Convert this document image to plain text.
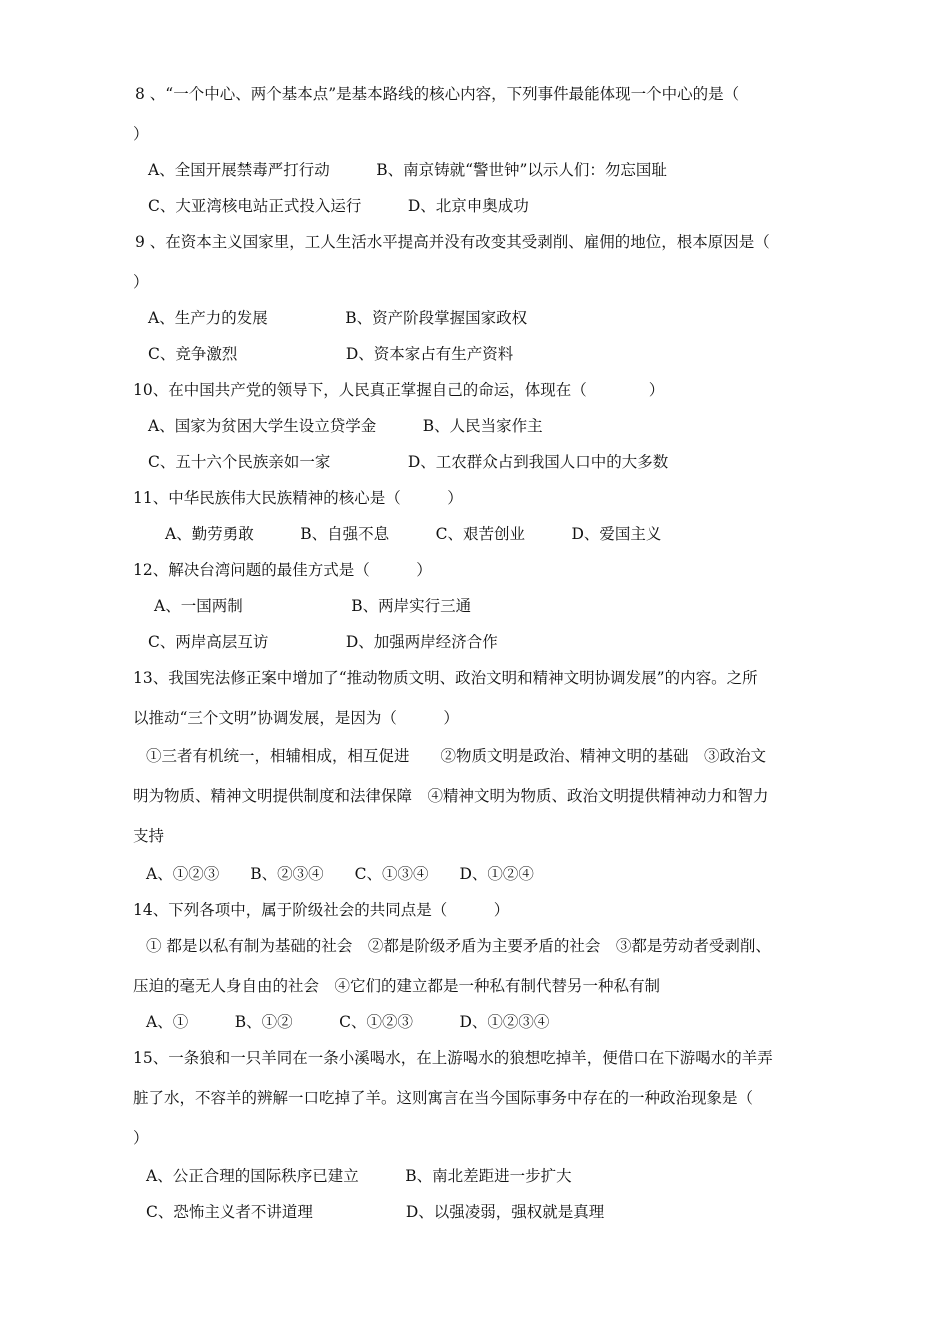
8 、“一个中心、两个基本点”是基本路线的核心内容，下列事件最能体现一个中心的是（
）
A、全国开展禁毒严打行动　　　B、南京铸就“警世钟”以示人们：勿忘国耻
C、大亚湾核电站正式投入运行　　　D、北京申奥成功
9 、在资本主义国家里，工人生活水平提高并没有改变其受剥削、雇佣的地位，根本原因是（
）
A、生产力的发展　　　　　B、资产阶段掌握国家政权
C、竞争激烈　　　　　　　D、资本家占有生产资料
10、在中国共产党的领导下，人民真正掌握自己的命运，体现在（　　　　）
A、国家为贫困大学生设立贷学金　　　B、人民当家作主
C、五十六个民族亲如一家　　　　　D、工农群众占到我国人口中的大多数
11、中华民族伟大民族精神的核心是（　　　）
A、勤劳勇敢　　　B、自强不息　　　C、艰苦创业　　　D、爱国主义
12、解决台湾问题的最佳方式是（　　　）
A、一国两制　　　　　　　B、两岸实行三通
C、两岸高层互访　　　　　D、加强两岸经济合作
13、我国宪法修正案中增加了“推动物质文明、政治文明和精神文明协调发展”的内容。之所
以推动“三个文明”协调发展，是因为（　　　）
①三者有机统一，相辅相成，相互促进　　②物质文明是政治、精神文明的基础　③政治文
明为物质、精神文明提供制度和法律保障　④精神文明为物质、政治文明提供精神动力和智力
支持
A、①②③　　B、②③④　　C、①③④　　D、①②④
14、下列各项中，属于阶级社会的共同点是（　　　）
① 都是以私有制为基础的社会　②都是阶级矛盾为主要矛盾的社会　③都是劳动者受剥削、
压迫的毫无人身自由的社会　④它们的建立都是一种私有制代替另一种私有制
A、①　　　B、①②　　　C、①②③　　　D、①②③④
15、一条狼和一只羊同在一条小溪喝水，在上游喝水的狼想吃掉羊，便借口在下游喝水的羊弄
脏了水，不容羊的辨解一口吃掉了羊。这则寓言在当今国际事务中存在的一种政治现象是（
）
A、公正合理的国际秩序已建立　　　B、南北差距进一步扩大
C、恐怖主义者不讲道理　　　　　　D、以强凌弱，强权就是真理
